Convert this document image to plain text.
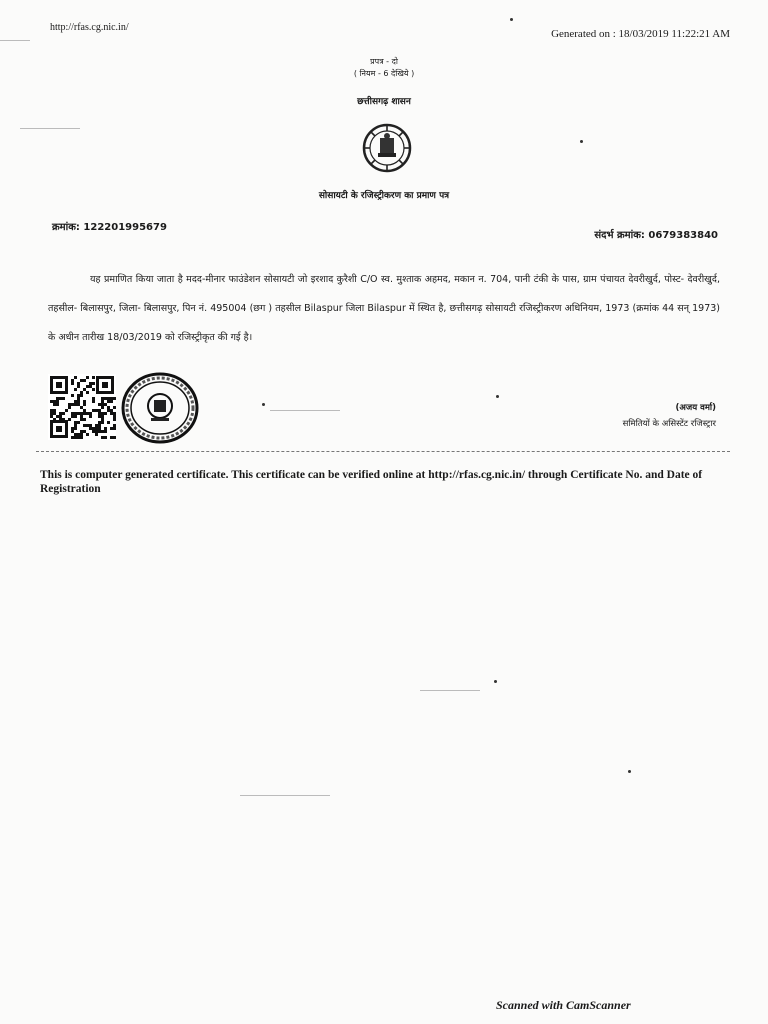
http://rfas.cg.nic.in/
Generated on : 18/03/2019 11:22:21 AM
प्रपत्र - दो
( नियम - 6 देखिये )
छत्तीसगढ़ शासन
सोसायटी के रजिस्ट्रीकरण का प्रमाण पत्र
क्रमांक: 122201995679
संदर्भ क्रमांक: 0679383840
यह प्रमाणित किया जाता है मदद-मीनार फाउंडेशन सोसायटी जो इरशाद कुरैशी C/O स्व. मुश्ताक अहमद, मकान न. 704, पानी टंकी के पास, ग्राम पंचायत देवरीखुर्द, पोस्ट- देवरीखुर्द, तहसील- बिलासपुर, जिला- बिलासपुर, पिन नं. 495004 (छग ) तहसील Bilaspur जिला Bilaspur में स्थित है, छत्तीसगढ़ सोसायटी रजिस्ट्रीकरण अधिनियम, 1973 (क्रमांक 44 सन् 1973) के अधीन तारीख 18/03/2019 को रजिस्ट्रीकृत की गई है।
(अजय वर्मा)
समितियों के असिस्टेंट रजिस्ट्रार
This is computer generated certificate. This certificate can be verified online at http://rfas.cg.nic.in/ through Certificate No. and Date of Registration
Scanned with CamScanner
